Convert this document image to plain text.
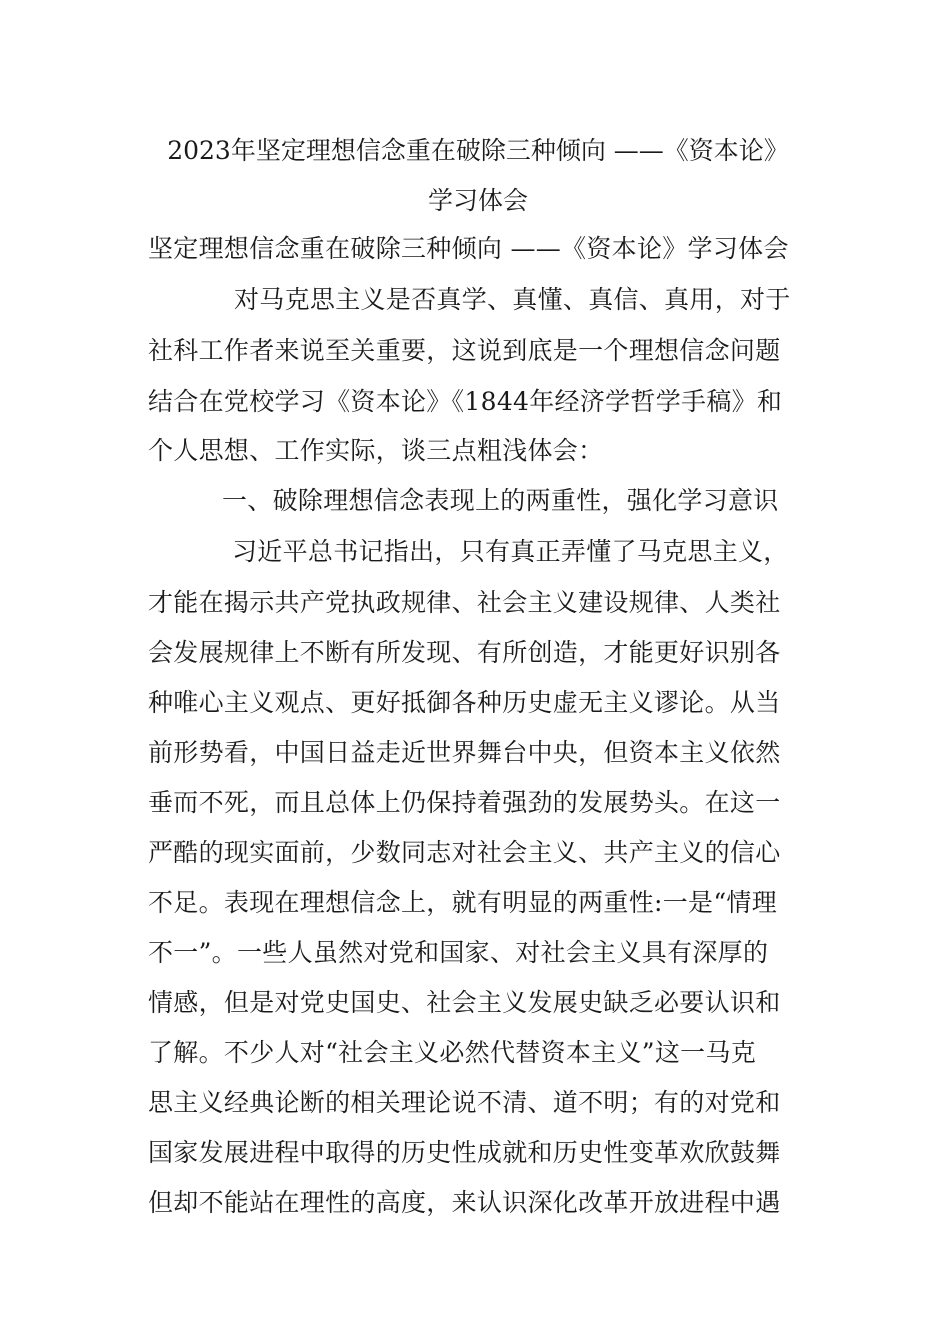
2023年坚定理想信念重在破除三种倾向 ——《资本论》
学习体会
坚定理想信念重在破除三种倾向 ——《资本论》学习体会
对马克思主义是否真学、真懂、真信、真用，对于
社科工作者来说至关重要，这说到底是一个理想信念问题
结合在党校学习《资本论》《1844年经济学哲学手稿》和
个人思想、工作实际，谈三点粗浅体会：
一、破除理想信念表现上的两重性，强化学习意识
习近平总书记指出，只有真正弄懂了马克思主义，
才能在揭示共产党执政规律、社会主义建设规律、人类社
会发展规律上不断有所发现、有所创造，才能更好识别各
种唯心主义观点、更好抵御各种历史虚无主义谬论。从当
前形势看，中国日益走近世界舞台中央，但资本主义依然
垂而不死，而且总体上仍保持着强劲的发展势头。在这一
严酷的现实面前，少数同志对社会主义、共产主义的信心
不足。表现在理想信念上，就有明显的两重性:一是“情理
不一”。一些人虽然对党和国家、对社会主义具有深厚的
情感，但是对党史国史、社会主义发展史缺乏必要认识和
了解。不少人对“社会主义必然代替资本主义”这一马克
思主义经典论断的相关理论说不清、道不明；有的对党和
国家发展进程中取得的历史性成就和历史性变革欢欣鼓舞
但却不能站在理性的高度，来认识深化改革开放进程中遇
